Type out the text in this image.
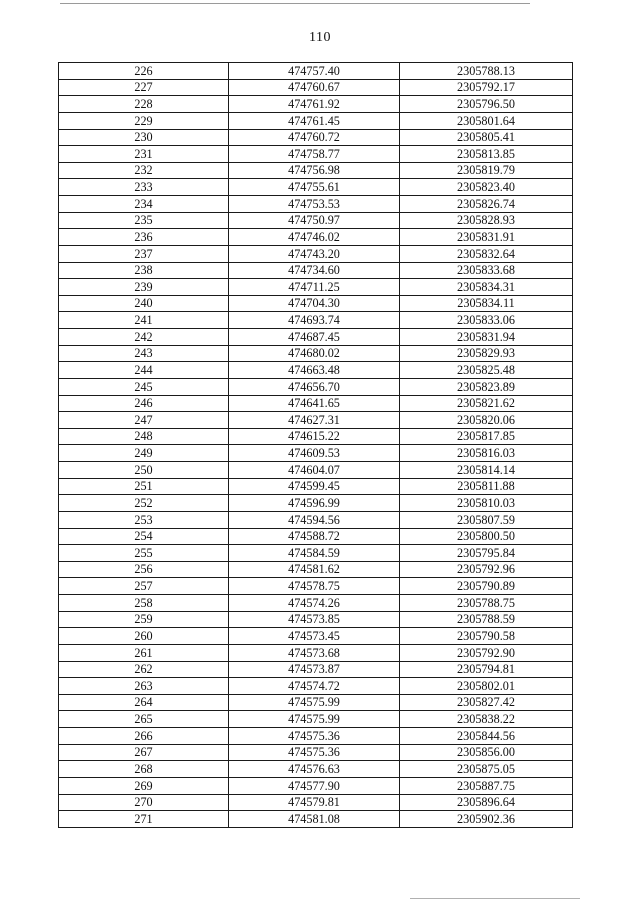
110
226	474757.40	2305788.13
227	474760.67	2305792.17
228	474761.92	2305796.50
229	474761.45	2305801.64
230	474760.72	2305805.41
231	474758.77	2305813.85
232	474756.98	2305819.79
233	474755.61	2305823.40
234	474753.53	2305826.74
235	474750.97	2305828.93
236	474746.02	2305831.91
237	474743.20	2305832.64
238	474734.60	2305833.68
239	474711.25	2305834.31
240	474704.30	2305834.11
241	474693.74	2305833.06
242	474687.45	2305831.94
243	474680.02	2305829.93
244	474663.48	2305825.48
245	474656.70	2305823.89
246	474641.65	2305821.62
247	474627.31	2305820.06
248	474615.22	2305817.85
249	474609.53	2305816.03
250	474604.07	2305814.14
251	474599.45	2305811.88
252	474596.99	2305810.03
253	474594.56	2305807.59
254	474588.72	2305800.50
255	474584.59	2305795.84
256	474581.62	2305792.96
257	474578.75	2305790.89
258	474574.26	2305788.75
259	474573.85	2305788.59
260	474573.45	2305790.58
261	474573.68	2305792.90
262	474573.87	2305794.81
263	474574.72	2305802.01
264	474575.99	2305827.42
265	474575.99	2305838.22
266	474575.36	2305844.56
267	474575.36	2305856.00
268	474576.63	2305875.05
269	474577.90	2305887.75
270	474579.81	2305896.64
271	474581.08	2305902.36
